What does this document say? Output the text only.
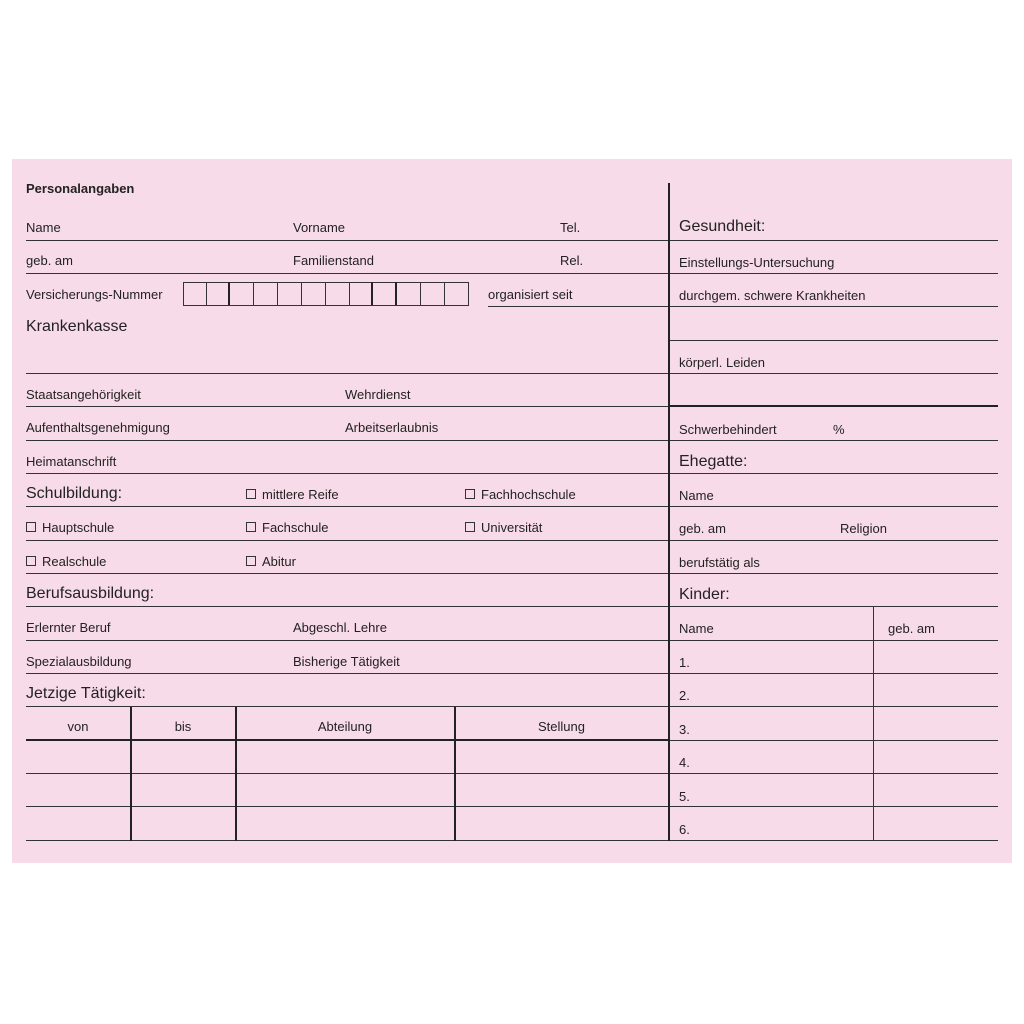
Personalangaben
Name	Vorname	Tel.
geb. am	Familienstand	Rel.
Versicherungs-Nummer	organisiert seit
Krankenkasse
Staatsangehörigkeit	Wehrdienst
Aufenthaltsgenehmigung	Arbeitserlaubnis
Heimatanschrift
Schulbildung:	mittlere Reife	Fachhochschule
Hauptschule	Fachschule	Universität
Realschule	Abitur
Berufsausbildung:
Erlernter Beruf	Abgeschl. Lehre
Spezialausbildung	Bisherige Tätigkeit
Jetzige Tätigkeit:
von	bis	Abteilung	Stellung
Gesundheit:
Einstellungs-Untersuchung
durchgem. schwere Krankheiten
körperl. Leiden
Schwerbehindert	%
Ehegatte:
Name
geb. am	Religion
berufstätig als
Kinder:
Name	geb. am
1.
2.
3.
4.
5.
6.
